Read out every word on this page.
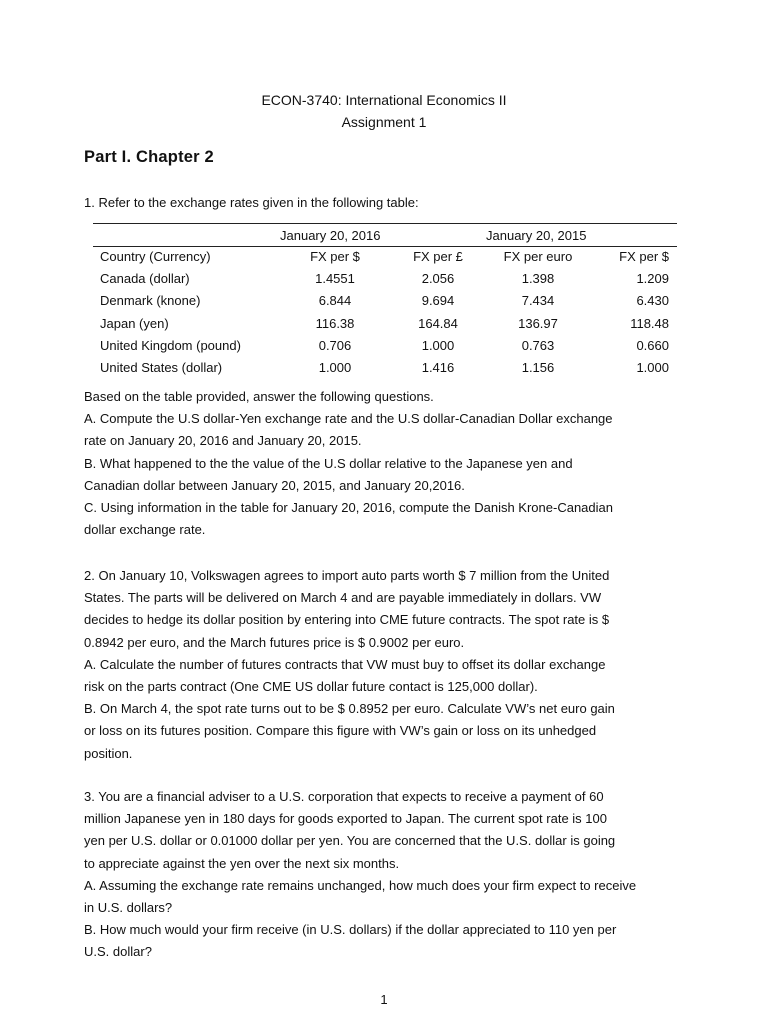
ECON-3740: International Economics II
Assignment 1
Part I. Chapter 2
1. Refer to the exchange rates given in the following table:
January 20, 2016	January 20, 2015
Country (Currency)	FX per $	FX per £	FX per euro	FX per $
Canada (dollar)	1.4551	2.056	1.398	1.209
Denmark (knone)	6.844	9.694	7.434	6.430
Japan (yen)	116.38	164.84	136.97	118.48
United Kingdom (pound)	0.706	1.000	0.763	0.660
United States (dollar)	1.000	1.416	1.156	1.000
Based on the table provided, answer the following questions.
A. Compute the U.S dollar-Yen exchange rate and the U.S dollar-Canadian Dollar exchange
rate on January 20, 2016 and January 20, 2015.
B. What happened to the the value of the U.S dollar relative to the Japanese yen and
Canadian dollar between January 20, 2015, and January 20,2016.
C. Using information in the table for January 20, 2016, compute the Danish Krone-Canadian
dollar exchange rate.
2. On January 10, Volkswagen agrees to import auto parts worth $ 7 million from the United
States. The parts will be delivered on March 4 and are payable immediately in dollars. VW
decides to hedge its dollar position by entering into CME future contracts. The spot rate is $
0.8942 per euro, and the March futures price is $ 0.9002 per euro.
A. Calculate the number of futures contracts that VW must buy to offset its dollar exchange
risk on the parts contract (One CME US dollar future contact is 125,000 dollar).
B. On March 4, the spot rate turns out to be $ 0.8952 per euro. Calculate VW’s net euro gain
or loss on its futures position. Compare this figure with VW’s gain or loss on its unhedged
position.
3. You are a financial adviser to a U.S. corporation that expects to receive a payment of 60
million Japanese yen in 180 days for goods exported to Japan. The current spot rate is 100
yen per U.S. dollar or 0.01000 dollar per yen. You are concerned that the U.S. dollar is going
to appreciate against the yen over the next six months.
A. Assuming the exchange rate remains unchanged, how much does your firm expect to receive
in U.S. dollars?
B. How much would your firm receive (in U.S. dollars) if the dollar appreciated to 110 yen per
U.S. dollar?
1
